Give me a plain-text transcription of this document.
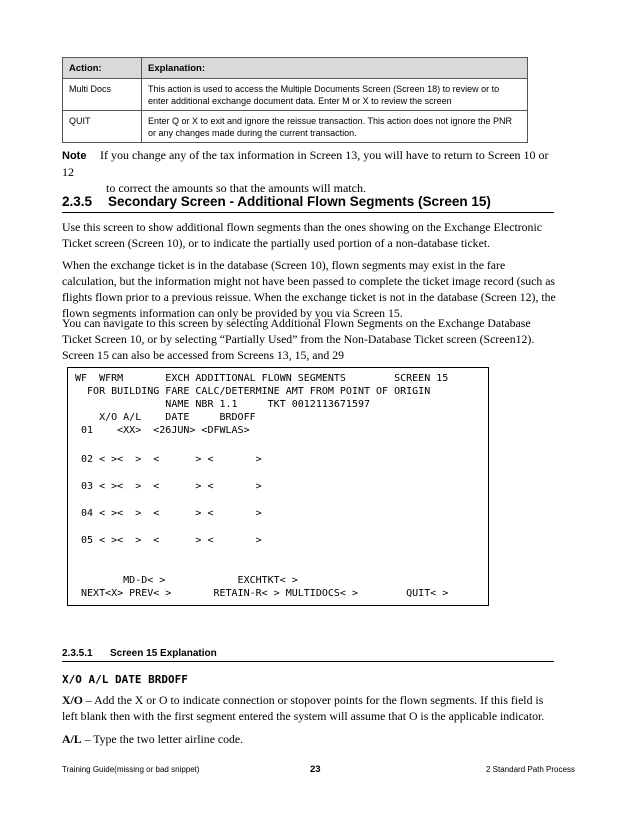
Action:	Explanation:
Multi Docs	This action is used to access the Multiple Documents Screen (Screen 18) to review or to enter additional exchange document data. Enter M or X to review the screen
QUIT	Enter Q or X to exit and ignore the reissue transaction. This action does not ignore the PNR or any changes made during the current transaction.
Note If you change any of the tax information in Screen 13, you will have to return to Screen 10 or 12
to correct the amounts so that the amounts will match.
2.3.5 Secondary Screen - Additional Flown Segments (Screen 15)
Use this screen to show additional flown segments than the ones showing on the Exchange Electronic Ticket screen (Screen 10), or to indicate the partially used portion of a non-database ticket.
When the exchange ticket is in the database (Screen 10), flown segments may exist in the fare calculation, but the information might not have been passed to complete the ticket image record (such as flights flown prior to a previous reissue. When the exchange ticket is not in the database (Screen 12), the flown segments information can only be provided by you via Screen 15.
You can navigate to this screen by selecting Additional Flown Segments on the Exchange Database Ticket Screen 10, or by selecting “Partially Used” from the Non-Database Ticket screen (Screen12). Screen 15 can also be accessed from Screens 13, 15, and 29
WF  WFRM       EXCH ADDITIONAL FLOWN SEGMENTS        SCREEN 15
FOR BUILDING FARE CALC/DETERMINE AMT FROM POINT OF ORIGIN
NAME NBR 1.1     TKT 0012113671597
X/O A/L    DATE     BRDOFF
01    <XX>  <26JUN> <DFWLAS>
02 < ><  >  <      > <       >
03 < ><  >  <      > <       >
04 < ><  >  <      > <       >
05 < ><  >  <      > <       >
MD-D< >            EXCHTKT< >
NEXT<X> PREV< >       RETAIN-R< > MULTIDOCS< >        QUIT< >
2.3.5.1 Screen 15 Explanation
X/O A/L DATE BRDOFF
X/O – Add the X or O to indicate connection or stopover points for the flown segments. If this field is left blank then with the first segment entered the system will assume that O is the applicable indicator.
A/L – Type the two letter airline code.
Training Guide(missing or bad snippet)	23	2 Standard Path Process
